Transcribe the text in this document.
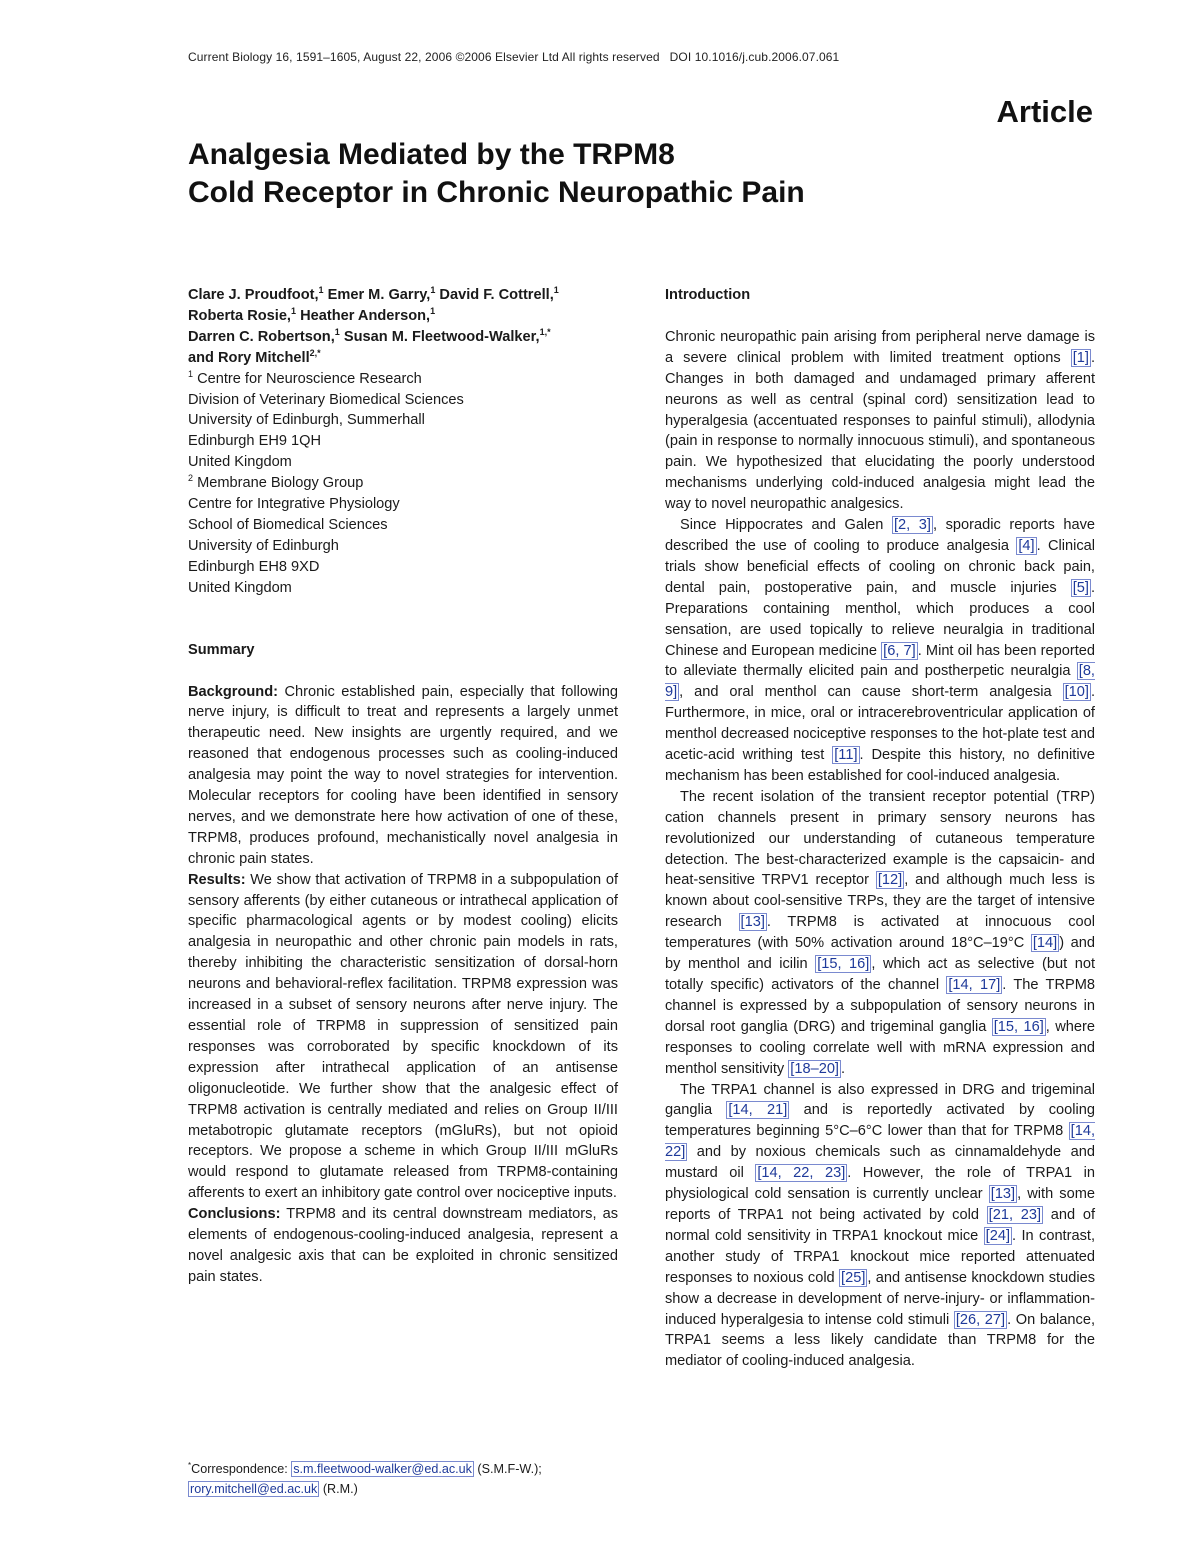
Current Biology 16, 1591–1605, August 22, 2006 ©2006 Elsevier Ltd All rights reserved DOI 10.1016/j.cub.2006.07.061
Article
Analgesia Mediated by the TRPM8
Cold Receptor in Chronic Neuropathic Pain
Clare J. Proudfoot,$^1$ Emer M. Garry,$^1$ David F. Cottrell,$^1$
Roberta Rosie,$^1$ Heather Anderson,$^1$
Darren C. Robertson,$^1$ Susan M. Fleetwood-Walker,$^{1,*}$
and Rory Mitchell$^{2,*}$
$^1$ Centre for Neuroscience Research
Division of Veterinary Biomedical Sciences
University of Edinburgh, Summerhall
Edinburgh EH9 1QH
United Kingdom
$^2$ Membrane Biology Group
Centre for Integrative Physiology
School of Biomedical Sciences
University of Edinburgh
Edinburgh EH8 9XD
United Kingdom
Summary

Background: Chronic established pain, especially that following nerve injury, is difficult to treat and represents a largely unmet therapeutic need. New insights are urgently required, and we reasoned that endogenous processes such as cooling-induced analgesia may point the way to novel strategies for intervention. Molecular receptors for cooling have been identified in sensory nerves, and we demonstrate here how activation of one of these, TRPM8, produces profound, mechanistically novel analgesia in chronic pain states.

Results: We show that activation of TRPM8 in a subpopulation of sensory afferents (by either cutaneous or intrathecal application of specific pharmacological agents or by modest cooling) elicits analgesia in neuropathic and other chronic pain models in rats, thereby inhibiting the characteristic sensitization of dorsal-horn neurons and behavioral-reflex facilitation. TRPM8 expression was increased in a subset of sensory neurons after nerve injury. The essential role of TRPM8 in suppression of sensitized pain responses was corroborated by specific knockdown of its expression after intrathecal application of an antisense oligonucleotide. We further show that the analgesic effect of TRPM8 activation is centrally mediated and relies on Group II/III metabotropic glutamate receptors (mGluRs), but not opioid receptors. We propose a scheme in which Group II/III mGluRs would respond to glutamate released from TRPM8-containing afferents to exert an inhibitory gate control over nociceptive inputs.

Conclusions: TRPM8 and its central downstream mediators, as elements of endogenous-cooling-induced analgesia, represent a novel analgesic axis that can be exploited in chronic sensitized pain states.

*Correspondence: s.m.fleetwood-walker@ed.ac.uk (S.M.F-W.); rory.mitchell@ed.ac.uk (R.M.)
Introduction

Chronic neuropathic pain arising from peripheral nerve damage is a severe clinical problem with limited treatment options [1] . Changes in both damaged and undamaged primary afferent neurons as well as central (spinal cord) sensitization lead to hyperalgesia (accentuated responses to painful stimuli), allodynia (pain in response to normally innocuous stimuli), and spontaneous pain. We hypothesized that elucidating the poorly understood mechanisms underlying cold-induced analgesia might lead the way to novel neuropathic analgesics.

Since Hippocrates and Galen [2, 3] , sporadic reports have described the use of cooling to produce analgesia [4] . Clinical trials show beneficial effects of cooling on chronic back pain, dental pain, postoperative pain, and muscle injuries [5] . Preparations containing menthol, which produces a cool sensation, are used topically to relieve neuralgia in traditional Chinese and European medicine [6, 7] . Mint oil has been reported to alleviate thermally elicited pain and postherpetic neuralgia [8, 9] , and oral menthol can cause short-term analgesia [10] . Furthermore, in mice, oral or intracerebroventricular application of menthol decreased nociceptive responses to the hot-plate test and acetic-acid writhing test [11] . Despite this history, no definitive mechanism has been established for cool-induced analgesia.

The recent isolation of the transient receptor potential (TRP) cation channels present in primary sensory neurons has revolutionized our understanding of cutaneous temperature detection. The best-characterized example is the capsaicin- and heat-sensitive TRPV1 receptor [12] , and although much less is known about cool-sensitive TRPs, they are the target of intensive research [13] . TRPM8 is activated at innocuous cool temperatures (with 50% activation around 18°C–19°C [14] ) and by menthol and icilin [15, 16] , which act as selective (but not totally specific) activators of the channel [14, 17] . The TRPM8 channel is expressed by a subpopulation of sensory neurons in dorsal root ganglia (DRG) and trigeminal ganglia [15, 16] , where responses to cooling correlate well with mRNA expression and menthol sensitivity [18–20] .

The TRPA1 channel is also expressed in DRG and trigeminal ganglia [14, 21] and is reportedly activated by cooling temperatures beginning 5°C–6°C lower than that for TRPM8 [14, 22] and by noxious chemicals such as cinnamaldehyde and mustard oil [14, 22, 23] . However, the role of TRPA1 in physiological cold sensation is currently unclear [13] , with some reports of TRPA1 not being activated by cold [21, 23] and of normal cold sensitivity in TRPA1 knockout mice [24] . In contrast, another study of TRPA1 knockout mice reported attenuated responses to noxious cold [25] , and antisense knockdown studies show a decrease in development of nerve-injury- or inflammation-induced hyperalgesia to intense cold stimuli [26, 27] . On balance, TRPA1 seems a less likely candidate than TRPM8 for the mediator of cooling-induced analgesia.
